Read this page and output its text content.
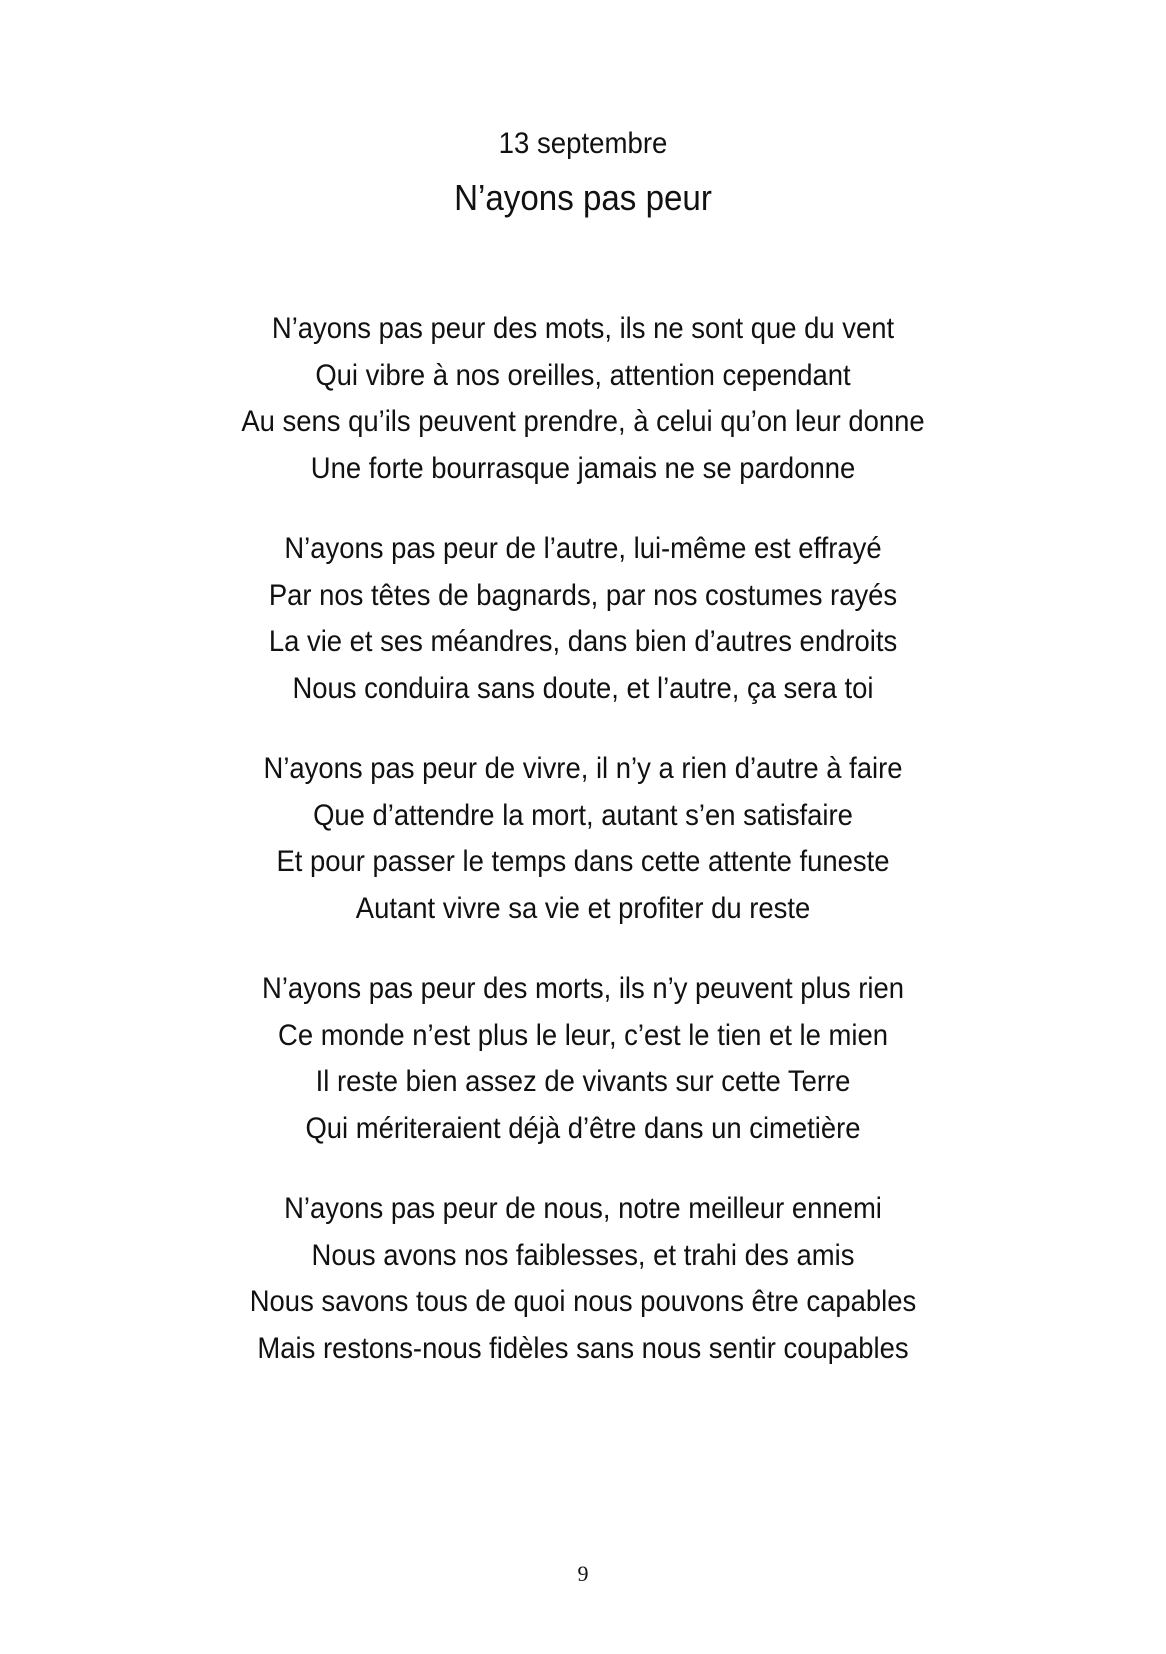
13 septembre
N’ayons pas peur
N’ayons pas peur des mots, ils ne sont que du vent
Qui vibre à nos oreilles, attention cependant
Au sens qu’ils peuvent prendre, à celui qu’on leur donne
Une forte bourrasque jamais ne se pardonne
N’ayons pas peur de l’autre, lui-même est effrayé
Par nos têtes de bagnards, par nos costumes rayés
La vie et ses méandres, dans bien d’autres endroits
Nous conduira sans doute, et l’autre, ça sera toi
N’ayons pas peur de vivre, il n’y a rien d’autre à faire
Que d’attendre la mort, autant s’en satisfaire
Et pour passer le temps dans cette attente funeste
Autant vivre sa vie et profiter du reste
N’ayons pas peur des morts, ils n’y peuvent plus rien
Ce monde n’est plus le leur, c’est le tien et le mien
Il reste bien assez de vivants sur cette Terre
Qui mériteraient déjà d’être dans un cimetière
N’ayons pas peur de nous, notre meilleur ennemi
Nous avons nos faiblesses, et trahi des amis
Nous savons tous de quoi nous pouvons être capables
Mais restons-nous fidèles sans nous sentir coupables
9
